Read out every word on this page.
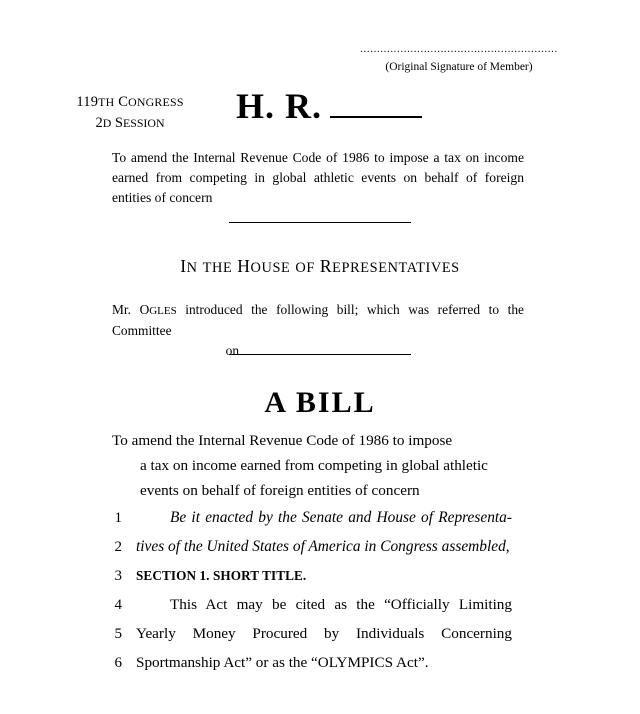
...........................................................
(Original Signature of Member)
119TH CONGRESS
2D SESSION	H. R.
To amend the Internal Revenue Code of 1986 to impose a tax on income earned from competing in global athletic events on behalf of foreign entities of concern
IN THE HOUSE OF REPRESENTATIVES
Mr. OGLES introduced the following bill; which was referred to the Committee
on
A BILL
To amend the Internal Revenue Code of 1986 to impose
a tax on income earned from competing in global athletic
events on behalf of foreign entities of concern
1	Be it enacted by the Senate and House of Representa-
2 tives of the United States of America in Congress assembled,
3	SECTION 1. SHORT TITLE.
4	This Act may be cited as the “Officially Limiting
5 Yearly Money Procured by Individuals Concerning
6 Sportmanship Act” or as the “OLYMPICS Act”.
